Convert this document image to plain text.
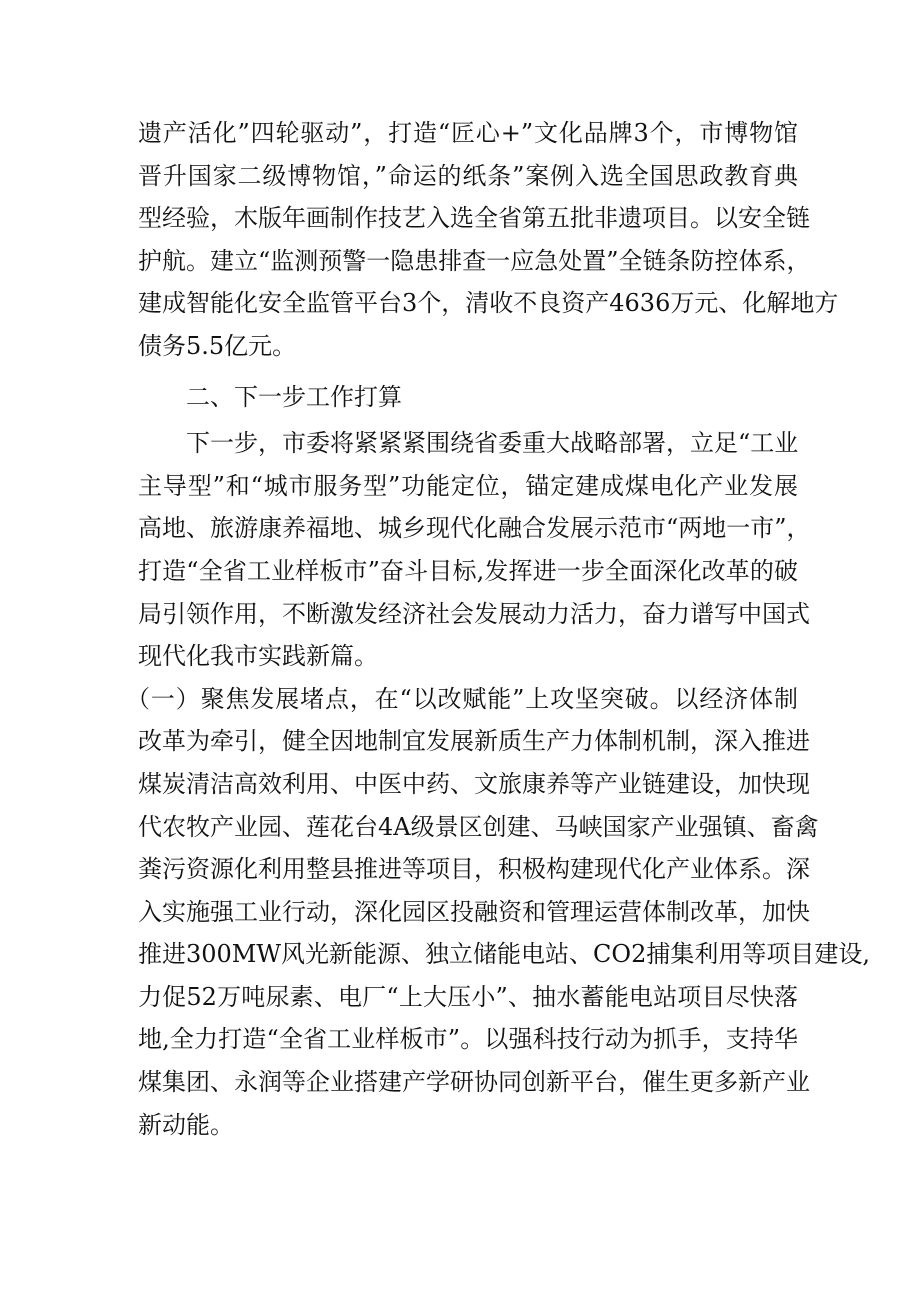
遗产活化”四轮驱动”，打造“匠心+”文化品牌3个，市博物馆
晋升国家二级博物馆，”命运的纸条”案例入选全国思政教育典
型经验，木版年画制作技艺入选全省第五批非遗项目。以安全链
护航。建立“监测预警一隐患排查一应急处置”全链条防控体系，
建成智能化安全监管平台3个，清收不良资产4636万元、化解地方
债务5.5亿元。
二、下一步工作打算
下一步，市委将紧紧紧围绕省委重大战略部署，立足“工业
主导型”和“城市服务型”功能定位，锚定建成煤电化产业发展
高地、旅游康养福地、城乡现代化融合发展示范市“两地一市”，
打造“全省工业样板市”奋斗目标,发挥进一步全面深化改革的破
局引领作用，不断激发经济社会发展动力活力，奋力谱写中国式
现代化我市实践新篇。
（一）聚焦发展堵点，在“以改赋能”上攻坚突破。以经济体制
改革为牵引，健全因地制宜发展新质生产力体制机制，深入推进
煤炭清洁高效利用、中医中药、文旅康养等产业链建设，加快现
代农牧产业园、莲花台4A级景区创建、马峡国家产业强镇、畜禽
粪污资源化利用整县推进等项目，积极构建现代化产业体系。深
入实施强工业行动，深化园区投融资和管理运营体制改革，加快
推进300MW风光新能源、独立储能电站、CO2捕集利用等项目建设,
力促52万吨尿素、电厂“上大压小”、抽水蓄能电站项目尽快落
地,全力打造“全省工业样板市”。以强科技行动为抓手，支持华
煤集团、永润等企业搭建产学研协同创新平台，催生更多新产业
新动能。
